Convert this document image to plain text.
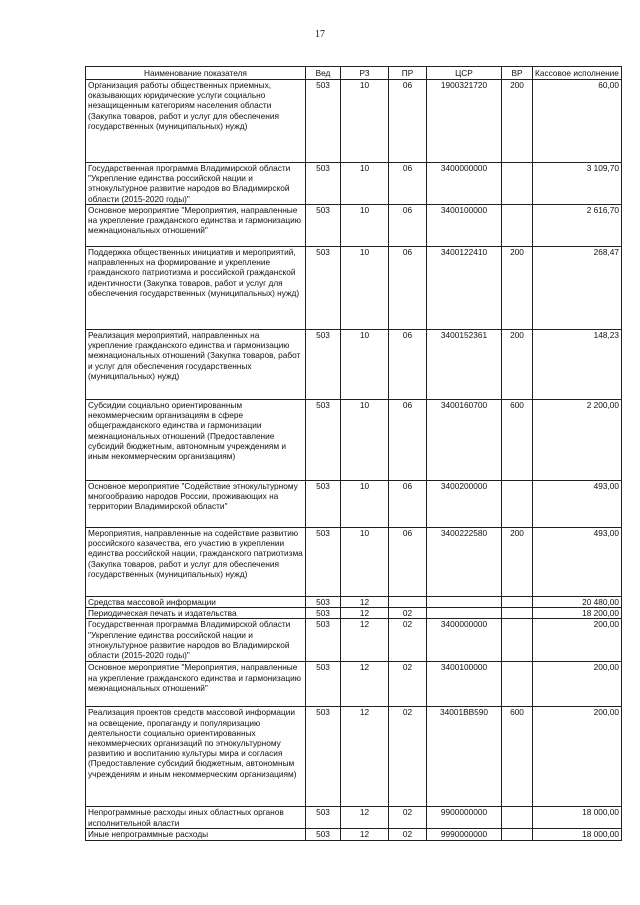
17
Наименование показателя	Вед	РЗ	ПР	ЦСР	ВР	Кассовое исполнение
Организация работы общественных приемных, оказывающих юридические услуги социально незащищенным категориям населения области (Закупка товаров, работ и услуг для обеспечения государственных (муниципальных) нужд)	503	10	06	1900321720	200	60,00
Государственная программа Владимирской области "Укрепление единства российской нации и этнокультурное развитие народов во Владимирской области (2015-2020 годы)"	503	10	06	3400000000		3 109,70
Основное мероприятие "Мероприятия, направленные на укрепление гражданского единства и гармонизацию межнациональных отношений"	503	10	06	3400100000		2 616,70
Поддержка общественных инициатив и мероприятий, направленных на формирование и укрепление гражданского патриотизма и российской гражданской идентичности (Закупка товаров, работ и услуг для обеспечения государственных (муниципальных) нужд)	503	10	06	3400122410	200	268,47
Реализация мероприятий, направленных на укрепление гражданского единства и гармонизацию межнациональных отношений (Закупка товаров, работ и услуг для обеспечения государственных (муниципальных) нужд)	503	10	06	3400152361	200	148,23
Субсидии социально ориентированным некоммерческим организациям в сфере общегражданского единства и гармонизации межнациональных отношений (Предоставление субсидий бюджетным, автономным учреждениям и иным некоммерческим организациям)	503	10	06	3400160700	600	2 200,00
Основное мероприятие "Содействие этнокультурному многообразию народов России, проживающих на территории Владимирской области"	503	10	06	3400200000		493,00
Мероприятия, направленные на содействие развитию российского казачества, его участию в укреплении единства российской нации, гражданского патриотизма (Закупка товаров, работ и услуг для обеспечения государственных (муниципальных) нужд)	503	10	06	3400222580	200	493,00
Средства массовой информации	503	12				20 480,00
Периодическая печать и издательства	503	12	02			18 200,00
Государственная программа Владимирской области "Укрепление единства российской нации и этнокультурное развитие народов во Владимирской области (2015-2020 годы)"	503	12	02	3400000000		200,00
Основное мероприятие "Мероприятия, направленные на укрепление гражданского единства и гармонизацию межнациональных отношений"	503	12	02	3400100000		200,00
Реализация проектов средств массовой информации на освещение, пропаганду и популяризацию деятельности социально ориентированных некоммерческих организаций по этнокультурному развитию и воспитанию культуры мира и согласия (Предоставление субсидий бюджетным, автономным учреждениям и иным некоммерческим организациям)	503	12	02	34001BB590	600	200,00
Непрограммные расходы иных областных органов исполнительной власти	503	12	02	9900000000		18 000,00
Иные непрограммные расходы	503	12	02	9990000000		18 000,00
